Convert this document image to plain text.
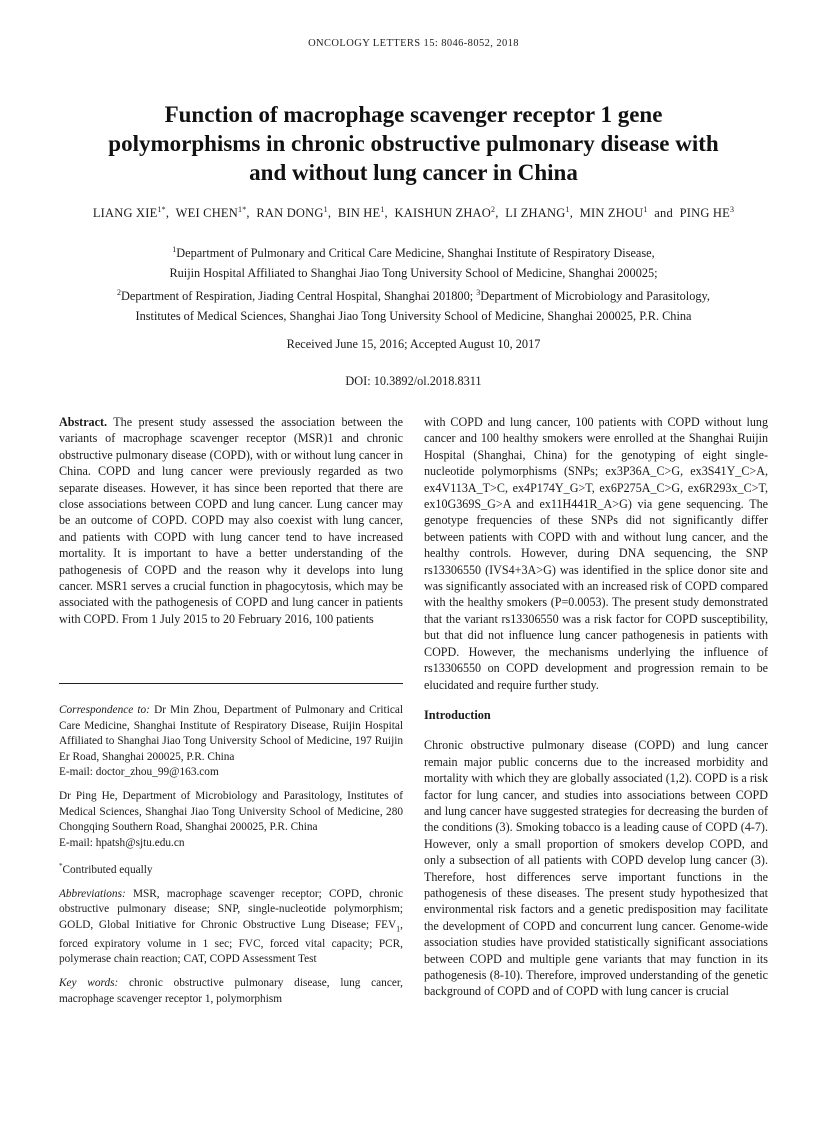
ONCOLOGY LETTERS 15: 8046-8052, 2018
Function of macrophage scavenger receptor 1 gene polymorphisms in chronic obstructive pulmonary disease with and without lung cancer in China
LIANG $XIE^{1*}$,  WEI $CHEN^{1*}$,  RAN DONG$^1$,  BIN $HE^1$,  KAISHUN ZHAO$^2$,  LI ZHANG$^1$,  MIN ZHOU$^1$ and PING $HE^3$
$^1$Department of Pulmonary and Critical Care Medicine, Shanghai Institute of Respiratory Disease,
Ruijin Hospital Affiliated to Shanghai Jiao Tong University School of Medicine, Shanghai 200025;
$^2$Department of Respiration, Jiading Central Hospital, Shanghai 201800; $^3$Department of Microbiology and Parasitology,
Institutes of Medical Sciences, Shanghai Jiao Tong University School of Medicine, Shanghai 200025, P.R. China
Received June 15, 2016; Accepted August 10, 2017
DOI: 10.3892/ol.2018.8311

Abstract. The present study assessed the association between the variants of macrophage scavenger receptor (MSR)1 and chronic obstructive pulmonary disease (COPD), with or without lung cancer in China. COPD and lung cancer were previously regarded as two separate diseases. However, it has since been reported that there are close associations between COPD and lung cancer. Lung cancer may be an outcome of COPD. COPD may also coexist with lung cancer, and patients with COPD with lung cancer tend to have increased mortality. It is important to have a better understanding of the pathogenesis of COPD and the reason why it develops into lung cancer. MSR1 serves a crucial function in phagocytosis, which may be associated with the pathogenesis of COPD and lung cancer in patients with COPD. From 1 July 2015 to 20 February 2016, 100 patients

Correspondence to: Dr Min Zhou, Department of Pulmonary and Critical Care Medicine, Shanghai Institute of Respiratory Disease, Ruijin Hospital Affiliated to Shanghai Jiao Tong University School of Medicine, 197 Ruijin Er Road, Shanghai 200025, P.R. China
E-mail: doctor_zhou_99@163.com

Dr Ping He, Department of Microbiology and Parasitology, Institutes of Medical Sciences, Shanghai Jiao Tong University School of Medicine, 280 Chongqing Southern Road, Shanghai 200025, P.R. China
E-mail: hpatsh@sjtu.edu.cn

*Contributed equally

Abbreviations: MSR, macrophage scavenger receptor; COPD, chronic obstructive pulmonary disease; SNP, single-nucleotide polymorphism; GOLD, Global Initiative for Chronic Obstructive Lung Disease; $FEV_1$, forced expiratory volume in 1 sec; FVC, forced vital capacity; PCR, polymerase chain reaction; CAT, COPD Assessment Test

Key words: chronic obstructive pulmonary disease, lung cancer, macrophage scavenger receptor 1, polymorphism

with COPD and lung cancer, 100 patients with COPD without lung cancer and 100 healthy smokers were enrolled at the Shanghai Ruijin Hospital (Shanghai, China) for the genotyping of eight single-nucleotide polymorphisms (SNPs; ex3P36A_C>G, ex3S41Y_C>A, ex4V113A_T>C, ex4P174Y_G>T, ex6P275A_C>G, ex6R293x_C>T, ex10G369S_G>A and ex11H441R_A>G) via gene sequencing. The genotype frequencies of these SNPs did not significantly differ between patients with COPD with and without lung cancer, and the healthy controls. However, during DNA sequencing, the SNP rs13306550 (IVS4+3A>G) was identified in the splice donor site and was significantly associated with an increased risk of COPD compared with the healthy smokers (P=0.0053). The present study demonstrated that the variant rs13306550 was a risk factor for COPD susceptibility, but that did not influence lung cancer pathogenesis in patients with COPD. However, the mechanisms underlying the influence of rs13306550 on COPD development and progression remain to be elucidated and require further study.

Introduction

Chronic obstructive pulmonary disease (COPD) and lung cancer remain major public concerns due to the increased morbidity and mortality with which they are globally associated (1,2). COPD is a risk factor for lung cancer, and studies into associations between COPD and lung cancer have suggested strategies for decreasing the burden of the conditions (3). Smoking tobacco is a leading cause of COPD (4-7). However, only a small proportion of smokers develop COPD, and only a subsection of all patients with COPD develop lung cancer (3). Therefore, host differences serve important functions in the pathogenesis of these diseases. The present study hypothesized that environmental risk factors and a genetic predisposition may facilitate the development of COPD and concurrent lung cancer. Genome-wide association studies have provided statistically significant associations between COPD and multiple gene variants that may function in its pathogenesis (8-10). Therefore, improved understanding of the genetic background of COPD and of COPD with lung cancer is crucial
